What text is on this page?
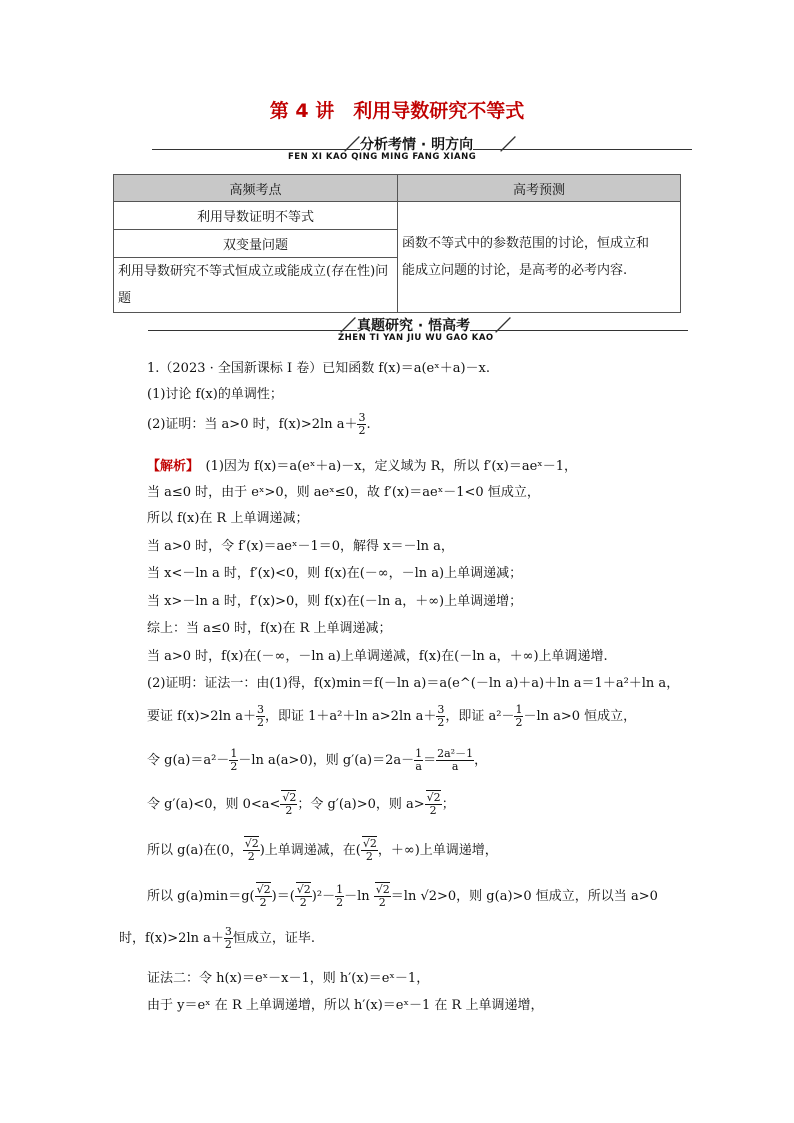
第 4 讲　利用导数研究不等式
／ 分析考情 · 明方向 ／
FEN XI KAO QING MING FANG XIANG
高频考点	高考预测
利用导数证明不等式	函数不等式中的参数范围的讨论，恒成立和
能成立问题的讨论，是高考的必考内容.

双变量问题	
利用导数研究不等式恒成立或能成立(存在性)问题	
／ 真题研究 · 悟高考 ／
ZHEN TI YAN JIU WU GAO KAO
1.（2023 · 全国新课标 I 卷）已知函数 f(x)＝a(eˣ＋a)－x.
(1)讨论 f(x)的单调性；
(2)证明：当 a>0 时，f(x)>2ln $a+ \frac{3}{2}$ .
【解析】　(1)因为 f(x)＝a(eˣ＋a)－x，定义域为 R，所以 f′(x)＝aeˣ－1，
当 a≤0 时，由于 eˣ>0，则 aeˣ≤0，故 f′(x)＝aeˣ－1<0 恒成立，
所以 f(x)在 R 上单调递减；
当 a>0 时，令 f′(x)＝aeˣ－1＝0，解得 x＝－ln a，
当 x<－ln a 时，f′(x)<0，则 f(x)在(－∞，－ln a)上单调递减；
当 x>－ln a 时，f′(x)>0，则 f(x)在(－ln a，＋∞)上单调递增；
综上：当 a≤0 时，f(x)在 R 上单调递减；
当 a>0 时，f(x)在(－∞，－ln a)上单调递减，f(x)在(－ln a，＋∞)上单调递增.
(2)证明：证法一：由(1)得，f(x)min＝f(－ln a)＝a(e^(－ln a)＋a)＋ln a＝1＋a²＋ln a，
要证 f(x)>2ln $a+ \frac{3}{2}$ ，即证 1＋a²＋ln a>2ln $a+ \frac{3}{2}$ ，即证 $a^2- \frac{1}{2} -\ln$ a>0 恒成立，
令 $g(a)=a^2- \frac{1}{2} -\ln$ a(a>0)，则 $g'(a)=2a- \frac{1}{a} = \frac{\text{2a²－1}}{a}$ ，
令 g′(a)<0，则 $0<a< \frac{√2}{2}$ ；令 g′(a)>0，则 $a> \frac{√2}{2}$ ；
所以 g(a)在(0， $\frac{√2}{2}$ )上单调递减，在( $\frac{√2}{2}$ ，＋∞)上单调递增，
所以 $g(a)\min=g( \frac{√2}{2}$ )＝( $\frac{√2}{2} )^2- \frac{1}{2} -\ln \frac{√2}{2} =\ln$ √2>0，则 g(a)>0 恒成立，所以当 a>0
时，f(x)>2ln $a+ \frac{3}{2}$ 恒成立，证毕.
证法二：令 h(x)＝eˣ－x－1，则 h′(x)＝eˣ－1，
由于 y＝eˣ 在 R 上单调递增，所以 h′(x)＝eˣ－1 在 R 上单调递增，
